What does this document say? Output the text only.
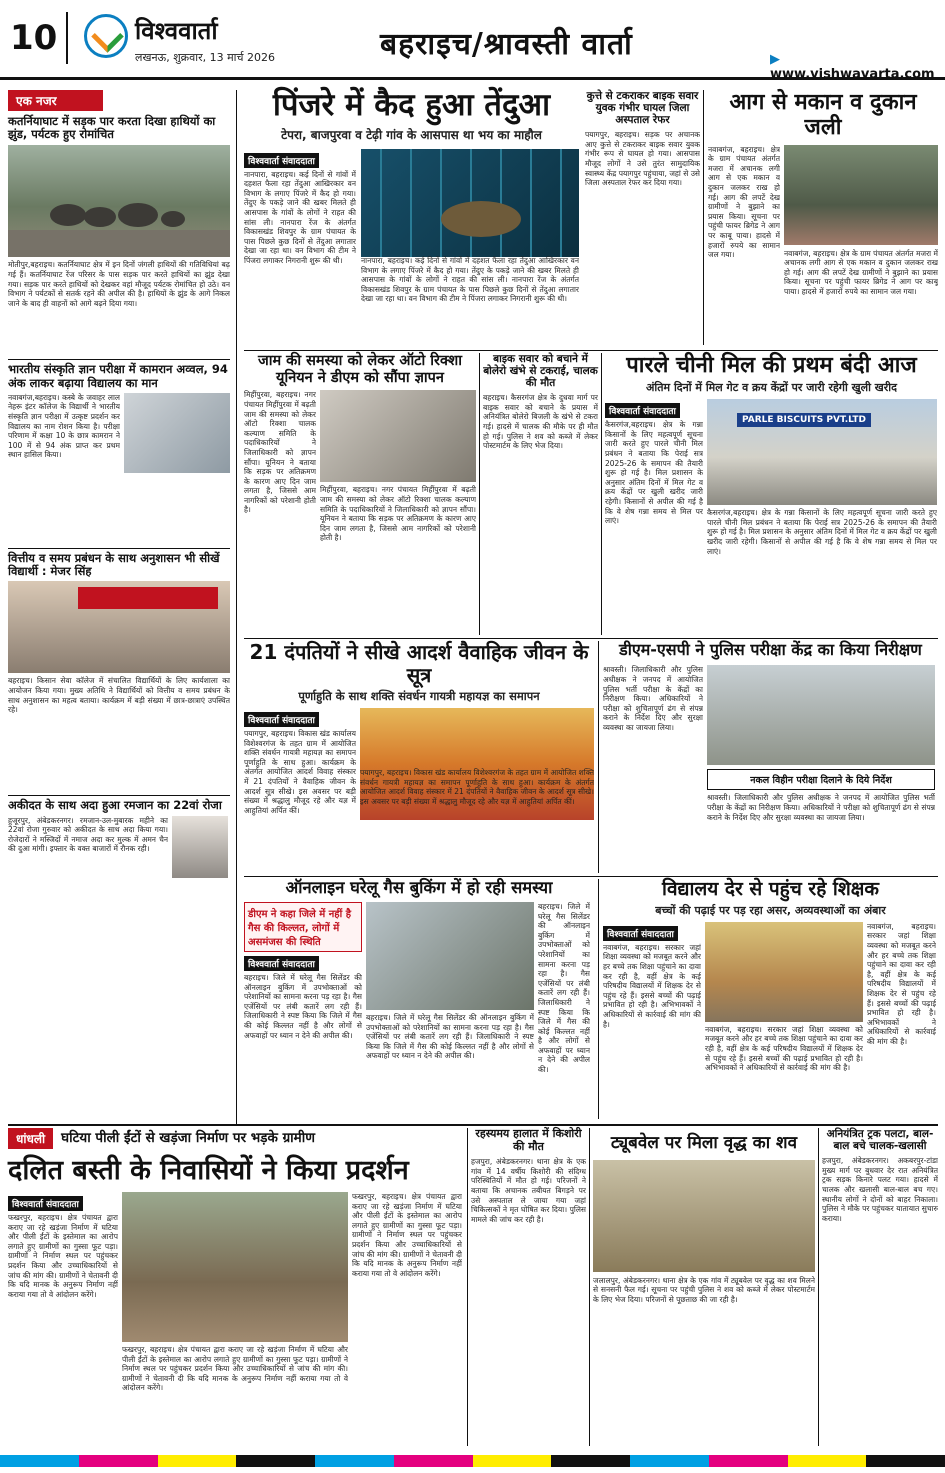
10	विश्ववार्ता
लखनऊ, शुक्रवार, 13 मार्च 2026	बहराइच/श्रावस्ती वार्ता	▶ www.vishwavarta.com
एक नजर
कतर्नियाघाट में सड़क पार करता दिखा हाथियों का झुंड, पर्यटक हुए रोमांचित
मोतीपुर,बहराइच। कतर्नियाघाट क्षेत्र में इन दिनों जंगली हाथियों की गतिविधियां बढ़ गई हैं। कतर्नियाघाट रेंज परिसर के पास सड़क पार करते हाथियों का झुंड देखा गया। सड़क पार करते हाथियों को देखकर वहां मौजूद पर्यटक रोमांचित हो उठे। वन विभाग ने पर्यटकों से सतर्क रहने की अपील की है। हाथियों के झुंड के आगे निकल जाने के बाद ही वाहनों को आगे बढ़ने दिया गया।
भारतीय संस्कृति ज्ञान परीक्षा में कामरान अव्वल, 94 अंक लाकर बढ़ाया विद्यालय का मान
नवाबगंज,बहराइच। कस्बे के जवाहर लाल नेहरू इंटर कॉलेज के विद्यार्थी ने भारतीय संस्कृति ज्ञान परीक्षा में उत्कृष्ट प्रदर्शन कर विद्यालय का नाम रोशन किया है। परीक्षा परिणाम में कक्षा 10 के छात्र कामरान ने 100 में से 94 अंक प्राप्त कर प्रथम स्थान हासिल किया।
वित्तीय व समय प्रबंधन के साथ अनुशासन भी सीखें विद्यार्थी : मेजर सिंह
बहराइच। किसान सेवा कॉलेज में संचालित विद्यार्थियों के लिए कार्यशाला का आयोजन किया गया। मुख्य अतिथि ने विद्यार्थियों को वित्तीय व समय प्रबंधन के साथ अनुशासन का महत्व बताया। कार्यक्रम में बड़ी संख्या में छात्र-छात्राएं उपस्थित रहे।
अकीदत के साथ अदा हुआ रमजान का 22वां रोजा
हुजूरपुर, अंबेडकरनगर। रमजान-उल-मुबारक महीने का 22वां रोजा गुरुवार को अकीदत के साथ अदा किया गया। रोजेदारों ने मस्जिदों में नमाज अदा कर मुल्क में अमन चैन की दुआ मांगी। इफ्तार के वक्त बाजारों में रौनक रही।
पिंजरे में कैद हुआ तेंदुआ
टेपरा, बाजपुरवा व टेढ़ी गांव के आसपास था भय का माहौल
विश्ववार्ता संवाददाता
नानपारा, बहराइच। कई दिनों से गांवों में दहशत फैला रहा तेंदुआ आखिरकार वन विभाग के लगाए पिंजरे में कैद हो गया। तेंदुए के पकड़े जाने की खबर मिलते ही आसपास के गांवों के लोगों ने राहत की सांस ली। नानपारा रेंज के अंतर्गत विकासखंड शिवपुर के ग्राम पंचायत के पास पिछले कुछ दिनों से तेंदुआ लगातार देखा जा रहा था। वन विभाग की टीम ने पिंजरा लगाकर निगरानी शुरू की थी।	नानपारा, बहराइच। कई दिनों से गांवों में दहशत फैला रहा तेंदुआ आखिरकार वन विभाग के लगाए पिंजरे में कैद हो गया। तेंदुए के पकड़े जाने की खबर मिलते ही आसपास के गांवों के लोगों ने राहत की सांस ली। नानपारा रेंज के अंतर्गत विकासखंड शिवपुर के ग्राम पंचायत के पास पिछले कुछ दिनों से तेंदुआ लगातार देखा जा रहा था। वन विभाग की टीम ने पिंजरा लगाकर निगरानी शुरू की थी।
कुत्ते से टकराकर बाइक सवार युवक गंभीर घायल जिला अस्पताल रेफर
पयागपुर, बहराइच। सड़क पर अचानक आए कुत्ते से टकराकर बाइक सवार युवक गंभीर रूप से घायल हो गया। आसपास मौजूद लोगों ने उसे तुरंत सामुदायिक स्वास्थ्य केंद्र पयागपुर पहुंचाया, जहां से उसे जिला अस्पताल रेफर कर दिया गया।
आग से मकान व दुकान जली
नवाबगंज, बहराइच। क्षेत्र के ग्राम पंचायत अंतर्गत मजरा में अचानक लगी आग से एक मकान व दुकान जलकर राख हो गई। आग की लपटें देख ग्रामीणों ने बुझाने का प्रयास किया। सूचना पर पहुंची फायर ब्रिगेड ने आग पर काबू पाया। हादसे में हजारों रुपये का सामान जल गया।	नवाबगंज, बहराइच। क्षेत्र के ग्राम पंचायत अंतर्गत मजरा में अचानक लगी आग से एक मकान व दुकान जलकर राख हो गई। आग की लपटें देख ग्रामीणों ने बुझाने का प्रयास किया। सूचना पर पहुंची फायर ब्रिगेड ने आग पर काबू पाया। हादसे में हजारों रुपये का सामान जल गया।
जाम की समस्या को लेकर ऑटो रिक्शा यूनियन ने डीएम को सौंपा ज्ञापन
मिहींपुरवा, बहराइच। नगर पंचायत मिहींपुरवा में बढ़ती जाम की समस्या को लेकर ऑटो रिक्शा चालक कल्याण समिति के पदाधिकारियों ने जिलाधिकारी को ज्ञापन सौंपा। यूनियन ने बताया कि सड़क पर अतिक्रमण के कारण आए दिन जाम लगता है, जिससे आम नागरिकों को परेशानी होती है।
मिहींपुरवा, बहराइच। नगर पंचायत मिहींपुरवा में बढ़ती जाम की समस्या को लेकर ऑटो रिक्शा चालक कल्याण समिति के पदाधिकारियों ने जिलाधिकारी को ज्ञापन सौंपा। यूनियन ने बताया कि सड़क पर अतिक्रमण के कारण आए दिन जाम लगता है, जिससे आम नागरिकों को परेशानी होती है।
बाइक सवार को बचाने में बोलेरो खंभे से टकराई, चालक की मौत
बहराइच। कैसरगंज क्षेत्र के दुधवा मार्ग पर बाइक सवार को बचाने के प्रयास में अनियंत्रित बोलेरो बिजली के खंभे से टकरा गई। हादसे में चालक की मौके पर ही मौत हो गई। पुलिस ने शव को कब्जे में लेकर पोस्टमार्टम के लिए भेज दिया।
पारले चीनी मिल की प्रथम बंदी आज
अंतिम दिनों में मिल गेट व क्रय केंद्रों पर जारी रहेगी खुली खरीद
विश्ववार्ता संवाददाता
कैसरगंज,बहराइच। क्षेत्र के गन्ना किसानों के लिए महत्वपूर्ण सूचना जारी करते हुए पारले चीनी मिल प्रबंधन ने बताया कि पेराई सत्र 2025-26 के समापन की तैयारी शुरू हो गई है। मिल प्रशासन के अनुसार अंतिम दिनों में मिल गेट व क्रय केंद्रों पर खुली खरीद जारी रहेगी। किसानों से अपील की गई है कि वे शेष गन्ना समय से मिल पर लाएं।
PARLE BISCUITS PVT.LTD
कैसरगंज,बहराइच। क्षेत्र के गन्ना किसानों के लिए महत्वपूर्ण सूचना जारी करते हुए पारले चीनी मिल प्रबंधन ने बताया कि पेराई सत्र 2025-26 के समापन की तैयारी शुरू हो गई है। मिल प्रशासन के अनुसार अंतिम दिनों में मिल गेट व क्रय केंद्रों पर खुली खरीद जारी रहेगी। किसानों से अपील की गई है कि वे शेष गन्ना समय से मिल पर लाएं।
21 दंपतियों ने सीखे आदर्श वैवाहिक जीवन के सूत्र
पूर्णाहुति के साथ शक्ति संवर्धन गायत्री महायज्ञ का समापन
विश्ववार्ता संवाददाता
पयागपुर, बहराइच। विकास खंड कार्यालय विशेश्वरगंज के तहत ग्राम में आयोजित शक्ति संवर्धन गायत्री महायज्ञ का समापन पूर्णाहुति के साथ हुआ। कार्यक्रम के अंतर्गत आयोजित आदर्श विवाह संस्कार में 21 दंपतियों ने वैवाहिक जीवन के आदर्श सूत्र सीखे। इस अवसर पर बड़ी संख्या में श्रद्धालु मौजूद रहे और यज्ञ में आहुतियां अर्पित कीं।
पयागपुर, बहराइच। विकास खंड कार्यालय विशेश्वरगंज के तहत ग्राम में आयोजित शक्ति संवर्धन गायत्री महायज्ञ का समापन पूर्णाहुति के साथ हुआ। कार्यक्रम के अंतर्गत आयोजित आदर्श विवाह संस्कार में 21 दंपतियों ने वैवाहिक जीवन के आदर्श सूत्र सीखे। इस अवसर पर बड़ी संख्या में श्रद्धालु मौजूद रहे और यज्ञ में आहुतियां अर्पित कीं।
डीएम-एसपी ने पुलिस परीक्षा केंद्र का किया निरीक्षण
श्रावस्ती। जिलाधिकारी और पुलिस अधीक्षक ने जनपद में आयोजित पुलिस भर्ती परीक्षा के केंद्रों का निरीक्षण किया। अधिकारियों ने परीक्षा को शुचितापूर्ण ढंग से संपन्न कराने के निर्देश दिए और सुरक्षा व्यवस्था का जायजा लिया।
नकल विहीन परीक्षा दिलाने के दिये निर्देश
श्रावस्ती। जिलाधिकारी और पुलिस अधीक्षक ने जनपद में आयोजित पुलिस भर्ती परीक्षा के केंद्रों का निरीक्षण किया। अधिकारियों ने परीक्षा को शुचितापूर्ण ढंग से संपन्न कराने के निर्देश दिए और सुरक्षा व्यवस्था का जायजा लिया।
ऑनलाइन घरेलू गैस बुकिंग में हो रही समस्या
डीएम ने कहा जिले में नहीं है गैस की किल्लत, लोगों में असमंजस की स्थिति
विश्ववार्ता संवाददाता
बहराइच। जिले में घरेलू गैस सिलेंडर की ऑनलाइन बुकिंग में उपभोक्ताओं को परेशानियों का सामना करना पड़ रहा है। गैस एजेंसियों पर लंबी कतारें लग रही हैं। जिलाधिकारी ने स्पष्ट किया कि जिले में गैस की कोई किल्लत नहीं है और लोगों से अफवाहों पर ध्यान न देने की अपील की।
बहराइच। जिले में घरेलू गैस सिलेंडर की ऑनलाइन बुकिंग में उपभोक्ताओं को परेशानियों का सामना करना पड़ रहा है। गैस एजेंसियों पर लंबी कतारें लग रही हैं। जिलाधिकारी ने स्पष्ट किया कि जिले में गैस की कोई किल्लत नहीं है और लोगों से अफवाहों पर ध्यान न देने की अपील की।
बहराइच। जिले में घरेलू गैस सिलेंडर की ऑनलाइन बुकिंग में उपभोक्ताओं को परेशानियों का सामना करना पड़ रहा है। गैस एजेंसियों पर लंबी कतारें लग रही हैं। जिलाधिकारी ने स्पष्ट किया कि जिले में गैस की कोई किल्लत नहीं है और लोगों से अफवाहों पर ध्यान न देने की अपील की।
विद्यालय देर से पहुंच रहे शिक्षक
बच्चों की पढ़ाई पर पड़ रहा असर, अव्यवस्थाओं का अंबार
विश्ववार्ता संवाददाता
नवाबगंज, बहराइच। सरकार जहां शिक्षा व्यवस्था को मजबूत करने और हर बच्चे तक शिक्षा पहुंचाने का दावा कर रही है, वहीं क्षेत्र के कई परिषदीय विद्यालयों में शिक्षक देर से पहुंच रहे हैं। इससे बच्चों की पढ़ाई प्रभावित हो रही है। अभिभावकों ने अधिकारियों से कार्रवाई की मांग की है।
नवाबगंज, बहराइच। सरकार जहां शिक्षा व्यवस्था को मजबूत करने और हर बच्चे तक शिक्षा पहुंचाने का दावा कर रही है, वहीं क्षेत्र के कई परिषदीय विद्यालयों में शिक्षक देर से पहुंच रहे हैं। इससे बच्चों की पढ़ाई प्रभावित हो रही है। अभिभावकों ने अधिकारियों से कार्रवाई की मांग की है।
नवाबगंज, बहराइच। सरकार जहां शिक्षा व्यवस्था को मजबूत करने और हर बच्चे तक शिक्षा पहुंचाने का दावा कर रही है, वहीं क्षेत्र के कई परिषदीय विद्यालयों में शिक्षक देर से पहुंच रहे हैं। इससे बच्चों की पढ़ाई प्रभावित हो रही है। अभिभावकों ने अधिकारियों से कार्रवाई की मांग की है।
धांधली	घटिया पीली ईंटों से खड़ंजा निर्माण पर भड़के ग्रामीण
दलित बस्ती के निवासियों ने किया प्रदर्शन
विश्ववार्ता संवाददाता
फखरपुर, बहराइच। क्षेत्र पंचायत द्वारा कराए जा रहे खड़ंजा निर्माण में घटिया और पीली ईंटों के इस्तेमाल का आरोप लगाते हुए ग्रामीणों का गुस्सा फूट पड़ा। ग्रामीणों ने निर्माण स्थल पर पहुंचकर प्रदर्शन किया और उच्चाधिकारियों से जांच की मांग की। ग्रामीणों ने चेतावनी दी कि यदि मानक के अनुरूप निर्माण नहीं कराया गया तो वे आंदोलन करेंगे।
फखरपुर, बहराइच। क्षेत्र पंचायत द्वारा कराए जा रहे खड़ंजा निर्माण में घटिया और पीली ईंटों के इस्तेमाल का आरोप लगाते हुए ग्रामीणों का गुस्सा फूट पड़ा। ग्रामीणों ने निर्माण स्थल पर पहुंचकर प्रदर्शन किया और उच्चाधिकारियों से जांच की मांग की। ग्रामीणों ने चेतावनी दी कि यदि मानक के अनुरूप निर्माण नहीं कराया गया तो वे आंदोलन करेंगे।
फखरपुर, बहराइच। क्षेत्र पंचायत द्वारा कराए जा रहे खड़ंजा निर्माण में घटिया और पीली ईंटों के इस्तेमाल का आरोप लगाते हुए ग्रामीणों का गुस्सा फूट पड़ा। ग्रामीणों ने निर्माण स्थल पर पहुंचकर प्रदर्शन किया और उच्चाधिकारियों से जांच की मांग की। ग्रामीणों ने चेतावनी दी कि यदि मानक के अनुरूप निर्माण नहीं कराया गया तो वे आंदोलन करेंगे।
रहस्यमय हालात में किशोरी की मौत
हजपुरा, अंबेडकरनगर। थाना क्षेत्र के एक गांव में 14 वर्षीय किशोरी की संदिग्ध परिस्थितियों में मौत हो गई। परिजनों ने बताया कि अचानक तबीयत बिगड़ने पर उसे अस्पताल ले जाया गया जहां चिकित्सकों ने मृत घोषित कर दिया। पुलिस मामले की जांच कर रही है।
ट्यूबवेल पर मिला वृद्ध का शव
जलालपुर, अंबेडकरनगर। थाना क्षेत्र के एक गांव में ट्यूबवेल पर वृद्ध का शव मिलने से सनसनी फैल गई। सूचना पर पहुंची पुलिस ने शव को कब्जे में लेकर पोस्टमार्टम के लिए भेज दिया। परिजनों से पूछताछ की जा रही है।
अनियंत्रित ट्रक पलटा, बाल-बाल बचे चालक-खलासी
हजपुरा, अंबेडकरनगर। अकबरपुर-टांडा मुख्य मार्ग पर बुधवार देर रात अनियंत्रित ट्रक सड़क किनारे पलट गया। हादसे में चालक और खलासी बाल-बाल बच गए। स्थानीय लोगों ने दोनों को बाहर निकाला। पुलिस ने मौके पर पहुंचकर यातायात सुचारु कराया।
